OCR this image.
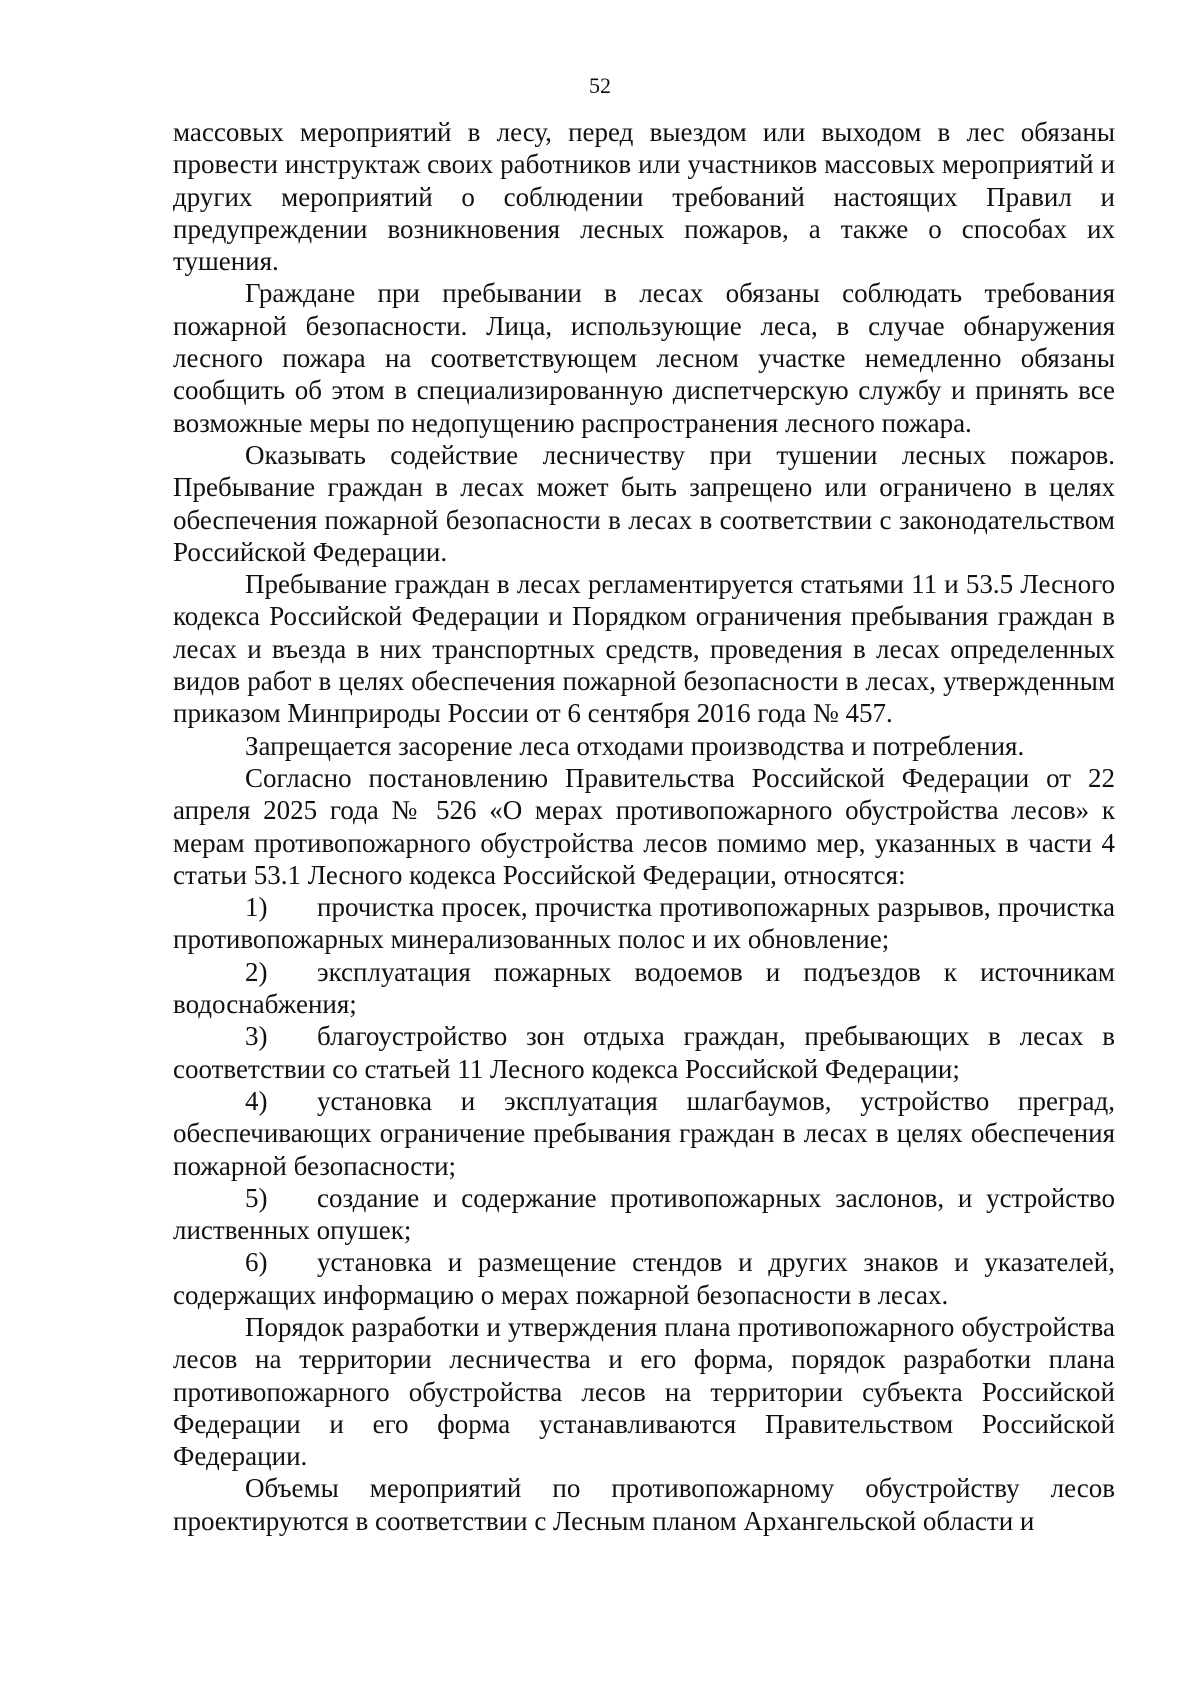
52

массовых мероприятий в лесу, перед выездом или выходом в лес обязаны провести инструктаж своих работников или участников массовых мероприятий и других мероприятий о соблюдении требований настоящих Правил и предупреждении возникновения лесных пожаров, а также о способах их тушения.

Граждане при пребывании в лесах обязаны соблюдать требования пожарной безопасности. Лица, использующие леса, в случае обнаружения лесного пожара на соответствующем лесном участке немедленно обязаны сообщить об этом в специализированную диспетчерскую службу и принять все возможные меры по недопущению распространения лесного пожара.

Оказывать содействие лесничеству при тушении лесных пожаров. Пребывание граждан в лесах может быть запрещено или ограничено в целях обеспечения пожарной безопасности в лесах в соответствии с законодательством Российской Федерации.

Пребывание граждан в лесах регламентируется статьями 11 и 53.5 Лесного кодекса Российской Федерации и Порядком ограничения пребывания граждан в лесах и въезда в них транспортных средств, проведения в лесах определенных видов работ в целях обеспечения пожарной безопасности в лесах, утвержденным приказом Минприроды России от 6 сентября 2016 года № 457.

Запрещается засорение леса отходами производства и потребления.

Согласно постановлению Правительства Российской Федерации от 22 апреля 2025 года № 526 «О мерах противопожарного обустройства лесов» к мерам противопожарного обустройства лесов помимо мер, указанных в части 4 статьи 53.1 Лесного кодекса Российской Федерации, относятся:

1) прочистка просек, прочистка противопожарных разрывов, прочистка противопожарных минерализованных полос и их обновление;

2) эксплуатация пожарных водоемов и подъездов к источникам водоснабжения;

3) благоустройство зон отдыха граждан, пребывающих в лесах в соответствии со статьей 11 Лесного кодекса Российской Федерации;

4) установка и эксплуатация шлагбаумов, устройство преград, обеспечивающих ограничение пребывания граждан в лесах в целях обеспечения пожарной безопасности;

5) создание и содержание противопожарных заслонов, и устройство лиственных опушек;

6) установка и размещение стендов и других знаков и указателей, содержащих информацию о мерах пожарной безопасности в лесах.

Порядок разработки и утверждения плана противопожарного обустройства лесов на территории лесничества и его форма, порядок разработки плана противопожарного обустройства лесов на территории субъекта Российской Федерации и его форма устанавливаются Правительством Российской Федерации.

Объемы мероприятий по противопожарному обустройству лесов проектируются в соответствии с Лесным планом Архангельской области и
